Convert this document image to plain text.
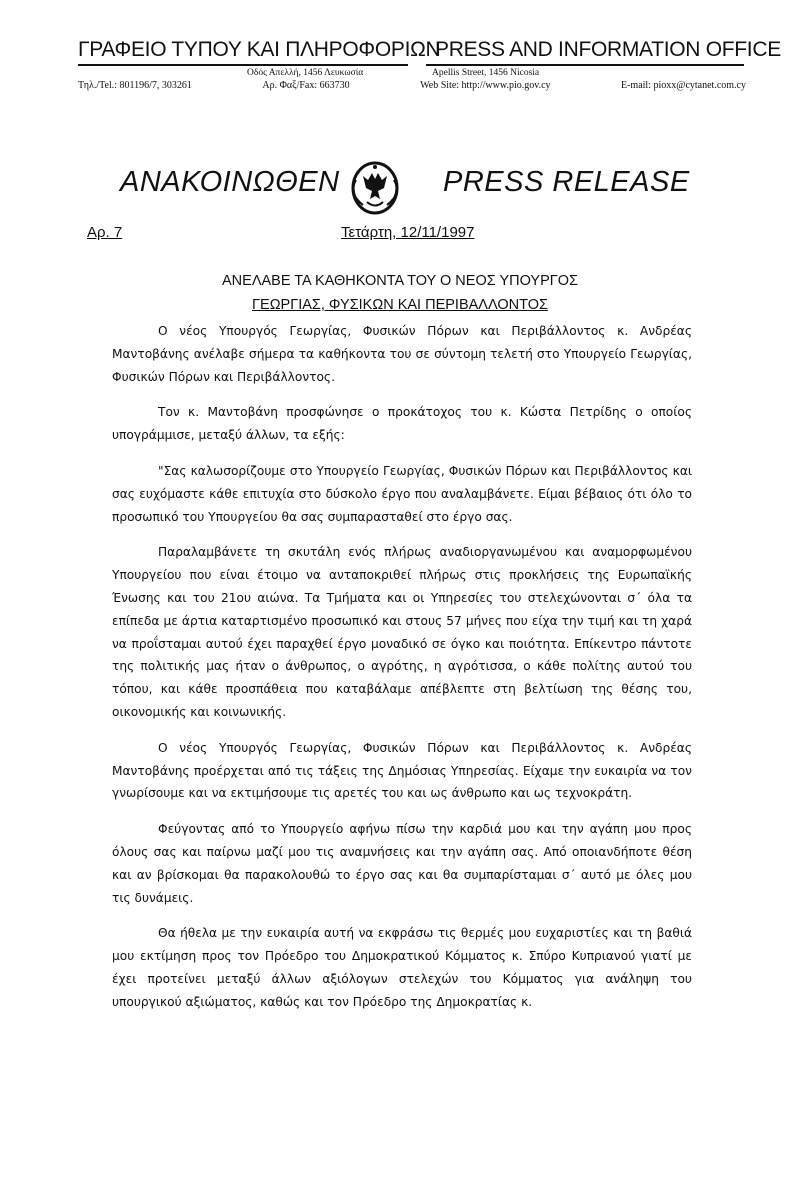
ΓΡΑΦΕΙΟ ΤΥΠΟΥ ΚΑΙ ΠΛΗΡΟΦΟΡΙΩΝ
PRESS AND INFORMATION OFFICE
Οδός Απελλή, 1456 Λευκωσία	Apellis Street, 1456 Nicosia
Τηλ./Tel.: 801196/7, 303261	Αρ. Φαξ/Fax: 663730	Web Site: http://www.pio.gov.cy	E-mail: pioxx@cytanet.com.cy
ΑΝΑΚΟΙΝΩΘΕΝ	PRESS RELEASE
Αρ. 7	Τετάρτη, 12/11/1997
ΑΝΕΛΑΒΕ ΤΑ ΚΑΘΗΚΟΝΤΑ ΤΟΥ Ο ΝΕΟΣ ΥΠΟΥΡΓΟΣ
ΓΕΩΡΓΙΑΣ, ΦΥΣΙΚΩΝ ΚΑΙ ΠΕΡΙΒΑΛΛΟΝΤΟΣ

Ο νέος Υπουργός Γεωργίας, Φυσικών Πόρων και Περιβάλλοντος κ. Ανδρέας Μαντοβάνης ανέλαβε σήμερα τα καθήκοντα του σε σύντομη τελετή στο Υπουργείο Γεωργίας, Φυσικών Πόρων και Περιβάλλοντος.

Τον κ. Μαντοβάνη προσφώνησε ο προκάτοχος του κ. Κώστα Πετρίδης ο οποίος υπογράμμισε, μεταξύ άλλων, τα εξής:

"Σας καλωσορίζουμε στο Υπουργείο Γεωργίας, Φυσικών Πόρων και Περιβάλλοντος και σας ευχόμαστε κάθε επιτυχία στο δύσκολο έργο που αναλαμβάνετε. Είμαι βέβαιος ότι όλο το προσωπικό του Υπουργείου θα σας συμπαρασταθεί στο έργο σας.

Παραλαμβάνετε τη σκυτάλη ενός πλήρως αναδιοργανωμένου και αναμορφωμένου Υπουργείου που είναι έτοιμο να ανταποκριθεί πλήρως στις προκλήσεις της Ευρωπαϊκής Ένωσης και του 21ου αιώνα. Τα Τμήματα και οι Υπηρεσίες του στελεχώνονται σ΄ όλα τα επίπεδα με άρτια καταρτισμένο προσωπικό και στους 57 μήνες που είχα την τιμή και τη χαρά να προΐσταμαι αυτού έχει παραχθεί έργο μοναδικό σε όγκο και ποιότητα. Επίκεντρο πάντοτε της πολιτικής μας ήταν ο άνθρωπος, ο αγρότης, η αγρότισσα, ο κάθε πολίτης αυτού του τόπου, και κάθε προσπάθεια που καταβάλαμε απέβλεπτε στη βελτίωση της θέσης του, οικονομικής και κοινωνικής.

Ο νέος Υπουργός Γεωργίας, Φυσικών Πόρων και Περιβάλλοντος κ. Ανδρέας Μαντοβάνης προέρχεται από τις τάξεις της Δημόσιας Υπηρεσίας. Είχαμε την ευκαιρία να τον γνωρίσουμε και να εκτιμήσουμε τις αρετές του και ως άνθρωπο και ως τεχνοκράτη.

Φεύγοντας από το Υπουργείο αφήνω πίσω την καρδιά μου και την αγάπη μου προς όλους σας και παίρνω μαζί μου τις αναμνήσεις και την αγάπη σας. Από οποιανδήποτε θέση και αν βρίσκομαι θα παρακολουθώ το έργο σας και θα συμπαρίσταμαι σ΄ αυτό με όλες μου τις δυνάμεις.

Θα ήθελα με την ευκαιρία αυτή να εκφράσω τις θερμές μου ευχαριστίες και τη βαθιά μου εκτίμηση προς τον Πρόεδρο του Δημοκρατικού Κόμματος κ. Σπύρο Κυπριανού γιατί με έχει προτείνει μεταξύ άλλων αξιόλογων στελεχών του Κόμματος για ανάληψη του υπουργικού αξιώματος, καθώς και τον Πρόεδρο της Δημοκρατίας κ.
